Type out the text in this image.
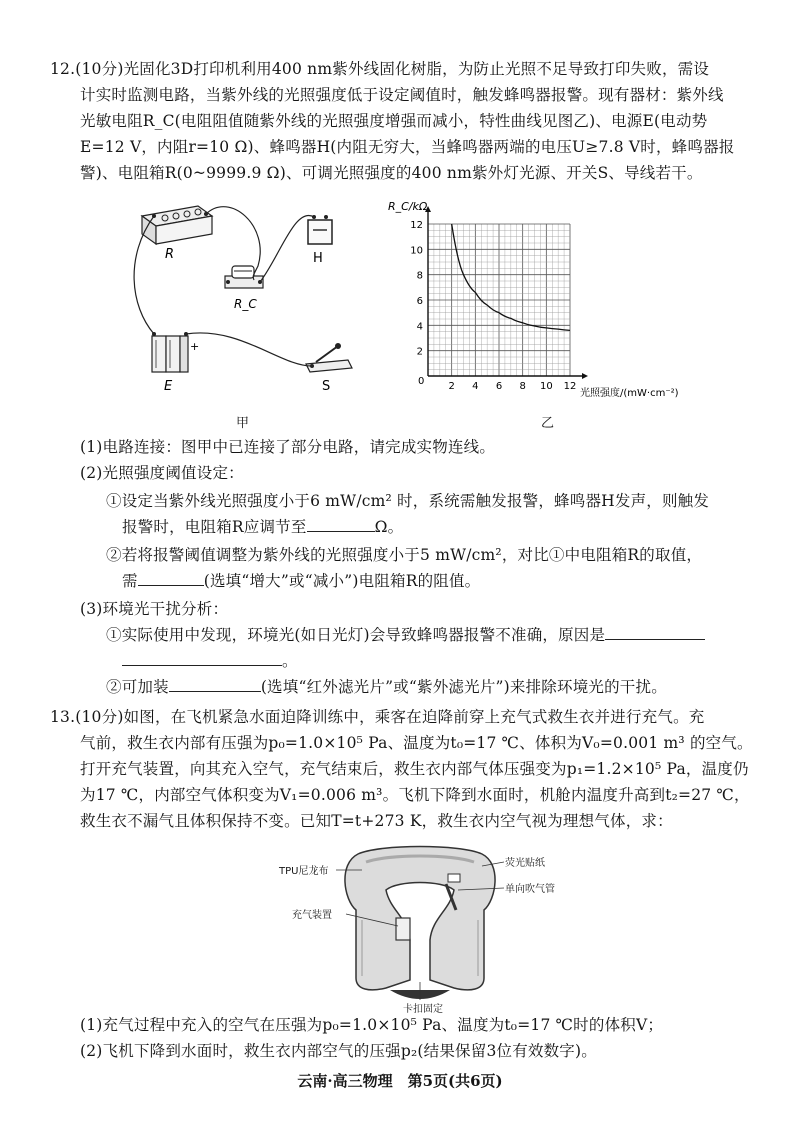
12.(10分)光固化3D打印机利用400 nm紫外线固化树脂，为防止光照不足导致打印失败，需设
计实时监测电路，当紫外线的光照强度低于设定阈值时，触发蜂鸣器报警。现有器材：紫外线
光敏电阻R_C(电阻阻值随紫外线的光照强度增强而减小，特性曲线见图乙)、电源E(电动势
E=12 V，内阻r=10 Ω)、蜂鸣器H(内阻无穷大，当蜂鸣器两端的电压U≥7.8 V时，蜂鸣器报
警)、电阻箱R(0~9999.9 Ω)、可调光照强度的400 nm紫外灯光源、开关S、导线若干。
R	H
R_C
E
+
S
甲
2 4 6 8 10 12
2
4
6
8
10
12
R_C/kΩ
光照强度/(mW·cm⁻²)
0
乙
(1)电路连接：图甲中已连接了部分电路，请完成实物连线。
(2)光照强度阈值设定：
①设定当紫外线光照强度小于6 mW/cm² 时，系统需触发报警，蜂鸣器H发声，则触发
报警时，电阻箱R应调节至	Ω。
②若将报警阈值调整为紫外线的光照强度小于5 mW/cm²，对比①中电阻箱R的取值，
需	(选填“增大”或“减小”)电阻箱R的阻值。
(3)环境光干扰分析：
①实际使用中发现，环境光(如日光灯)会导致蜂鸣器报警不准确，原因是
。
②可加装	(选填“红外滤光片”或“紫外滤光片”)来排除环境光的干扰。
13.(10分)如图，在飞机紧急水面迫降训练中，乘客在迫降前穿上充气式救生衣并进行充气。充
气前，救生衣内部有压强为p₀=1.0×10⁵ Pa、温度为t₀=17 ℃、体积为V₀=0.001 m³ 的空气。
打开充气装置，向其充入空气，充气结束后，救生衣内部气体压强变为p₁=1.2×10⁵ Pa，温度仍
为17 ℃，内部空气体积变为V₁=0.006 m³。飞机下降到水面时，机舱内温度升高到t₂=27 ℃，
救生衣不漏气且体积保持不变。已知T=t+273 K，救生衣内空气视为理想气体，求：
TPU尼龙布
荧光贴纸
单向吹气管
充气装置
卡扣固定
(1)充气过程中充入的空气在压强为p₀=1.0×10⁵ Pa、温度为t₀=17 ℃时的体积V；
(2)飞机下降到水面时，救生衣内部空气的压强p₂(结果保留3位有效数字)。
云南·高三物理　第5页(共6页)
